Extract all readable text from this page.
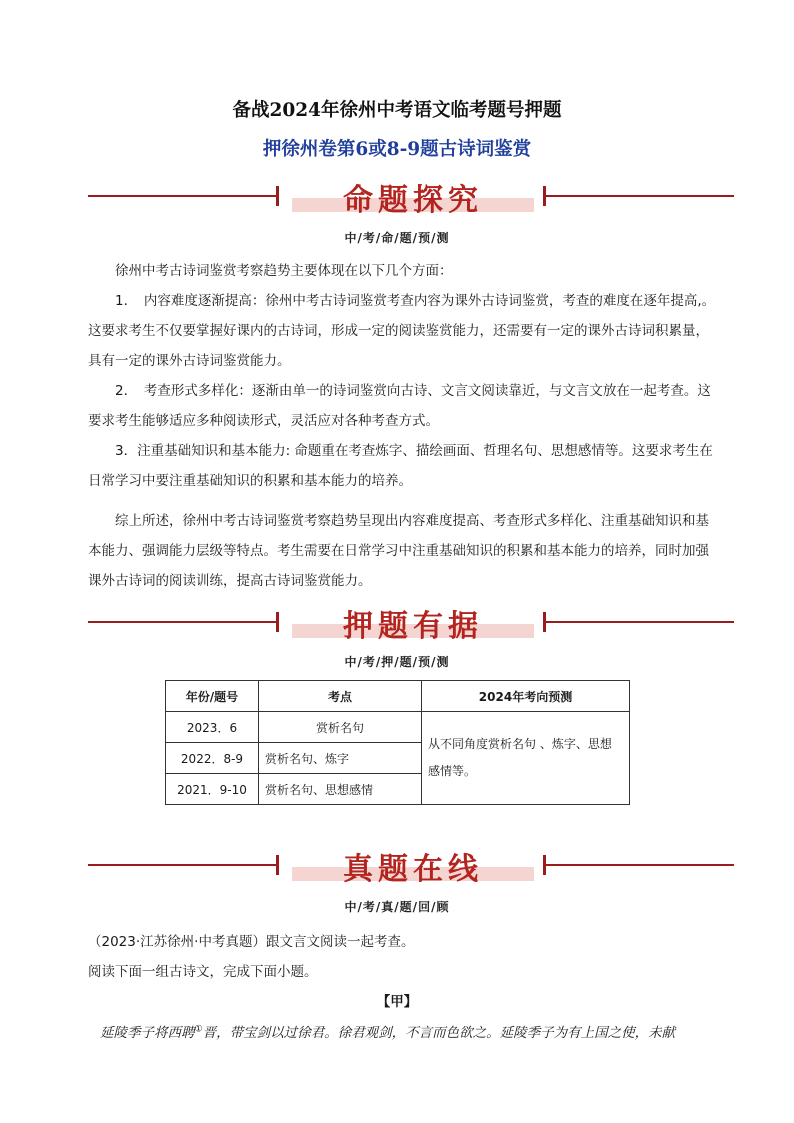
备战2024年徐州中考语文临考题号押题
押徐州卷第6或8-9题古诗词鉴赏
命题探究
中/考/命/题/预/测

徐州中考古诗词鉴赏考察趋势主要体现在以下几个方面：

1．　内容难度逐渐提高：徐州中考古诗词鉴赏考查内容为课外古诗词鉴赏，考查的难度在逐年提高,。这要求考生不仅要掌握好课内的古诗词，形成一定的阅读鉴赏能力，还需要有一定的课外古诗词积累量，具有一定的课外古诗词鉴赏能力。

2．　考查形式多样化：逐渐由单一的诗词鉴赏向古诗、文言文阅读靠近，与文言文放在一起考查。这要求考生能够适应多种阅读形式，灵活应对各种考查方式。

3．注重基础知识和基本能力: 命题重在考查炼字、描绘画面、哲理名句、思想感情等。这要求考生在日常学习中要注重基础知识的积累和基本能力的培养。

综上所述，徐州中考古诗词鉴赏考察趋势呈现出内容难度提高、考查形式多样化、注重基础知识和基本能力、强调能力层级等特点。考生需要在日常学习中注重基础知识的积累和基本能力的培养，同时加强课外古诗词的阅读训练，提高古诗词鉴赏能力。

押题有据
中/考/押/题/预/测
年份/题号	考点	2024年考向预测
2023．6	赏析名句	从不同角度赏析名句 、炼字、思想感情等。
2022．8-9	赏析名句、炼字	
2021．9-10	赏析名句、思想感情	
真题在线
中/考/真/题/回/顾
（2023·江苏徐州·中考真题）跟文言文阅读一起考查。
阅读下面一组古诗文，完成下面小题。
【甲】
延陵季子将西聘①晋，带宝剑以过徐君。徐君观剑，不言而色欲之。延陵季子为有上国之使，未献
